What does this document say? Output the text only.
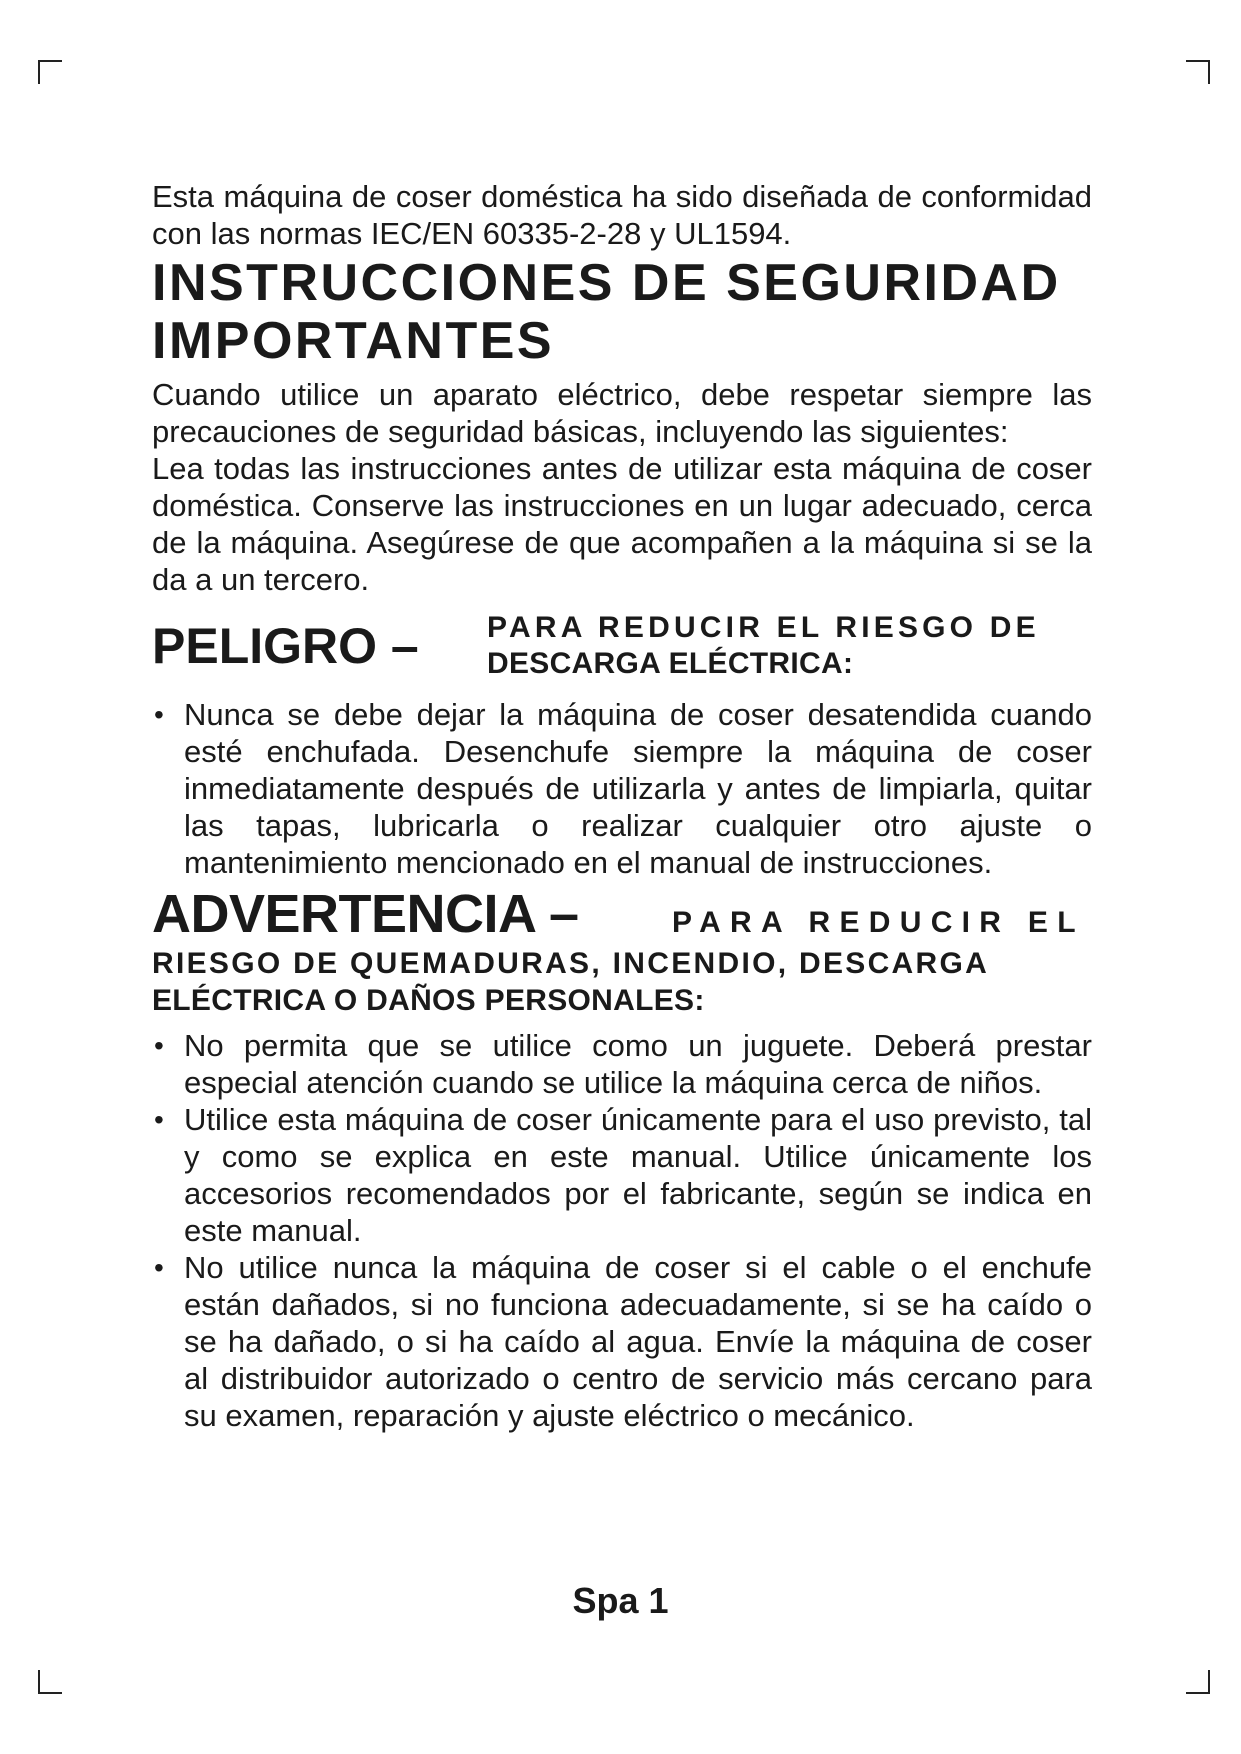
Esta máquina de coser doméstica ha sido diseñada de conformidad con las normas IEC/EN 60335-2-28 y UL1594.

INSTRUCCIONES DE SEGURIDAD
IMPORTANTES

Cuando utilice un aparato eléctrico, debe respetar siempre las precauciones de seguridad básicas, incluyendo las siguientes:

Lea todas las instrucciones antes de utilizar esta máquina de coser doméstica. Conserve las instrucciones en un lugar adecuado, cerca de la máquina. Asegúrese de que acompañen a la máquina si se la da a un tercero.

PELIGRO –	PARA REDUCIR EL RIESGO DE
DESCARGA ELÉCTRICA:
• Nunca se debe dejar la máquina de coser desatendida cuando esté enchufada. Desenchufe siempre la máquina de coser inmediatamente después de utilizarla y antes de limpiarla, quitar las tapas, lubricarla o realizar cualquier otro ajuste o mantenimiento mencionado en el manual de instrucciones.
ADVERTENCIA –	PARA REDUCIR EL
RIESGO DE QUEMADURAS, INCENDIO, DESCARGA
ELÉCTRICA O DAÑOS PERSONALES:
• No permita que se utilice como un juguete. Deberá prestar especial atención cuando se utilice la máquina cerca de niños.
• Utilice esta máquina de coser únicamente para el uso previsto, tal y como se explica en este manual. Utilice únicamente los accesorios recomendados por el fabricante, según se indica en este manual.
• No utilice nunca la máquina de coser si el cable o el enchufe están dañados, si no funciona adecuadamente, si se ha caído o se ha dañado, o si ha caído al agua. Envíe la máquina de coser al distribuidor autorizado o centro de servicio más cercano para su examen, reparación y ajuste eléctrico o mecánico.
Spa 1
